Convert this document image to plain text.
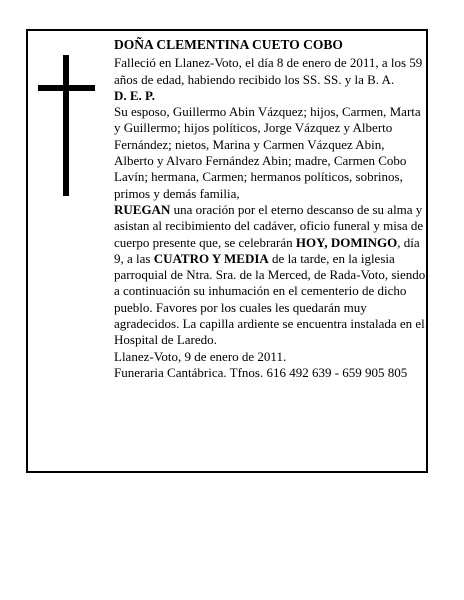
DOÑA CLEMENTINA CUETO COBO

Falleció en Llanez-Voto, el día 8 de enero de 2011, a los 59 años de edad, habiendo recibido los SS. SS. y la B. A.

D. E. P.

Su esposo, Guillermo Abin Vázquez; hijos, Carmen, Marta y Guillermo; hijos políticos, Jorge Vázquez y Alberto Fernández; nietos, Marina y Carmen Vázquez Abin, Alberto y Alvaro Fernández Abin; madre, Carmen Cobo Lavín; hermana, Carmen; hermanos políticos, sobrinos, primos y demás familia,

RUEGAN una oración por el eterno descanso de su alma y asistan al recibimiento del cadáver, oficio funeral y misa de cuerpo presente que, se celebrarán HOY, DOMINGO, día 9, a las CUATRO Y MEDIA de la tarde, en la iglesia parroquial de Ntra. Sra. de la Merced, de Rada-Voto, siendo a continuación su inhumación en el cementerio de dicho pueblo. Favores por los cuales les quedarán muy agradecidos. La capilla ardiente se encuentra instalada en el Hospital de Laredo.

Llanez-Voto, 9 de enero de 2011.

Funeraria Cantábrica. Tfnos. 616 492 639 - 659 905 805
